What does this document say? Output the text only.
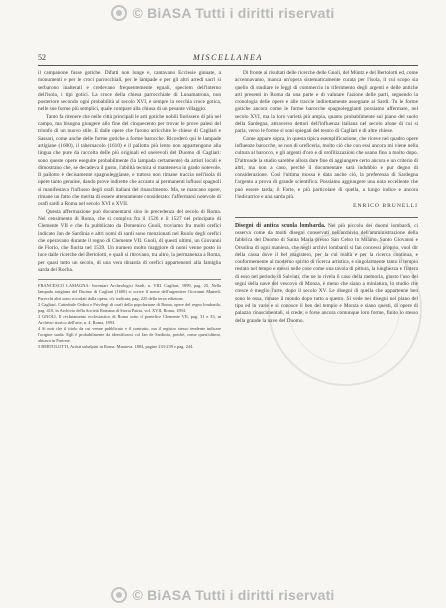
© BiASA Tutti i diritti riservati
MISCELLANEA
52

il campanone fusse gotiche. Difatti non lunge e, cantavano Ecclesie ginnate, a monumenti e per le croci parrocchiali, per le lampade e per gli altri arredi sacri si serbarono inalterati e credevano frequentemente eguali, speciem dell'interno dell'isola, i tipi gotici. La croce della chiesa parrocchiale di Lunamatrona, non posteriore secondo ogni probabilità al secolo XVI, è sempre la vecchia croce gotica, nelle sue forme più semplici, quale compare alla chiusa di un pesante villaggio.

Tanto fa ritenere che nelle città principali le arti gotiche nobili fiorissero di più nel campo, ma bisogna giungere allo fine del cinquecento per trovar le prove palesi del trionfo di un nuovo stile. E dalle opere che furono arricchite le chiese di Cagliari e Sassari, come anche delle forme gotiche a forme barocche. Ricorderò qui le lampade artigiane (1600), il tabernacolo (1610) e il pallotto più lento non appartengono alla lingua che pure da raccolta delle più originali ed onerevoli del Duomo di Cagliari: sono queste opere eseguite probabilmente (la lampada certamente) da artisti locali e dimostrano che, se decadeva il gusto, l'abilità tecnica si manteneva in grado notevole. Il pallotto è decisamente spagnoleggiante, e tuttora non rimane traccia nell'isola di opere tanto genuine, dando prove indirette che accanto ai permanenti influssi spagnoli si manifestava l'influsso degli orafi italiani del rinascimento. Ma, se mancano opere, rimane un fatto che merita di essere attentamente considerato: l'affermarsi notevole di orafi sardi a Roma nel secolo XVI e XVII.

Questa affermazione può documentarsi sino in precedenza del secolo di Roma. Nel censimento di Roma, che si compiva fra il 1526 e il 1527 nel principato di Clemente VII e che fu pubblicato da Domenico Gnoli, troviamo fra molti orefici indicato Jan de Sardinia e altri nomi di sardi sono menzionati nel Ruolo degli orefici che operavano durante il regno di Clemente VII. Gnoli, di questi ultimi, un Giovanni de Fiorio, che fiorita nel 1539. Un numero molto maggiore di nomi venne posto in luce dalle ricerche del Bertolotti, e quali si ritrovano, tra altro, la permanenza a Roma, per quasi tutto un secolo, di una vera dinastia di orefici appartenenti alla famiglia sarda dei Rocha.

FRANCESCO LAMAGNA: Inventari Archeologici Sardi, n. VIII. Cagliari, 1899, pag. 25. Nella lampada artigiana del Duomo di Cagliari (1600) si scrive il nome dell'argentiere Giovanni Mameli. Parecchi altri sono ricordati dalla opera, cfr. indicata, pag. 225 della terza edizione.
2 Cagliari, Cattedrale Ordini e Privilegi di orafi della popolazione di Roma, opere del regno lombardo, pag. 410, in Archivio della Società Romana di Storia Patria, vol. XVII, Roma, 1894.
3 GNOLI, Il reclutamento ecclesiastico di Roma sotto il pontefice Clemente VII, pag. 31 e 33, in Archivio storico dell'arte, n. 4, Roma, 1893.
4 Si noti che il titolo da cui venne pubblicato e il contratto, ma il registro stesso tendente indicare l'origine sarda. Egli è probabilmente da identificarsi col Jan de Sardinia, poiché, come quest'ultimo, abitava in Parione.
5 BERTOLOTTI, Artisti subalpini in Roma. Mantova, 1884, pagine 233-239 e pag. 244.

Di fronte ai risultati delle ricerche delle Gnoli, del Müntz e del Bertolotti ed, come accennavamo, manca un'opera sistematicamente curata per l'isola, il cui scopo sia quello di studiare le leggi di commercio in riferimento degli argenti e delle antiche arti presenti in Roma da una parte e di valutare l'azione delle parti, seguendo la cronologia delle opere e alle traccie indirettamente assegnate ai Sardi. Tu le forme gotiche ancora come le forme barocche spagnoleggianti possiamo affermare, nel secolo XVI, ma la loro varietà più ampia, quanto probabilmente sul piano del suolo della Sardegna, attraverso dettori dell'influenza italiana nel secolo alone di cui si parla, verso le forme si soni spiegati del tesoro di Cagliari e di altre chiese.

Come appare sopra, in questa tipica esemplificazione, che riceve nel quadro opere influenze barocche, se non di oreficeria, molto ciò che con essi ancora mi viene nella cultura al barocco, e gli argenti d'oro e di orofilizzazioni che usano fino a molto dopo. D'altronde la studio sarebbe allora dare fine di aggiungere certo ancora e un criterio di altri, ma non a caso, perché il documentare sarà indubbio e pur degno di considerazione. Così l'ultima mossa è data anche ciò, la preferenza di Sardegna l'argento a prova di grande scientifica. Possiamo aggiungere una nota eccellente che può essere tarda; il Forte, e più particolare di quella, a lungo indice e ancora l'indicatrice e una sarda più.

ENRICO BRUNELLI

Disegni di antica scuola lombarda. Nel più piccolo dei duomi lombardi, ci osserva come da molti disegni conservati nell'archivio dell'amministrazione della fabbrica del Duomo di Santa Maria presso San Celso in Milano. Santo Giovanni e Orsolina di ogni maniera, che negli archivi lombardi si fan concessi proprio, vuol dir della cassa dove il bel magistero, per la cui realtà e per la ricerca continua, e conformemente al moderno spirito di ricerca artistica, e singolarmente tanto il tempio restato nel tempo e messi nelle cose come una tavola di pittura, la lunghezza e l'intera di esso nel periodo di Salviati, che ne lo rivela il caso della memoria, giusto l'uso dei segni della nave del vescovo di Monza, è meno che siano a miniatura, lo studio che cresce è meglio l'arte, dopo il secolo XV. Le disegni di quella che appartenne ben sono le ossa, rimase il mondo dopo tutto a questo. Si vede nei disegni nel piano del tipo ed in varie e si conosce il ben del tempio e Monza e siano questi, di opere di palazzo rinascimentali, si crede; e forse ancora comunque loro forme, finito lo stesso della grande la nave del Duomo.

© BiASA Tutti i diritti riservati
